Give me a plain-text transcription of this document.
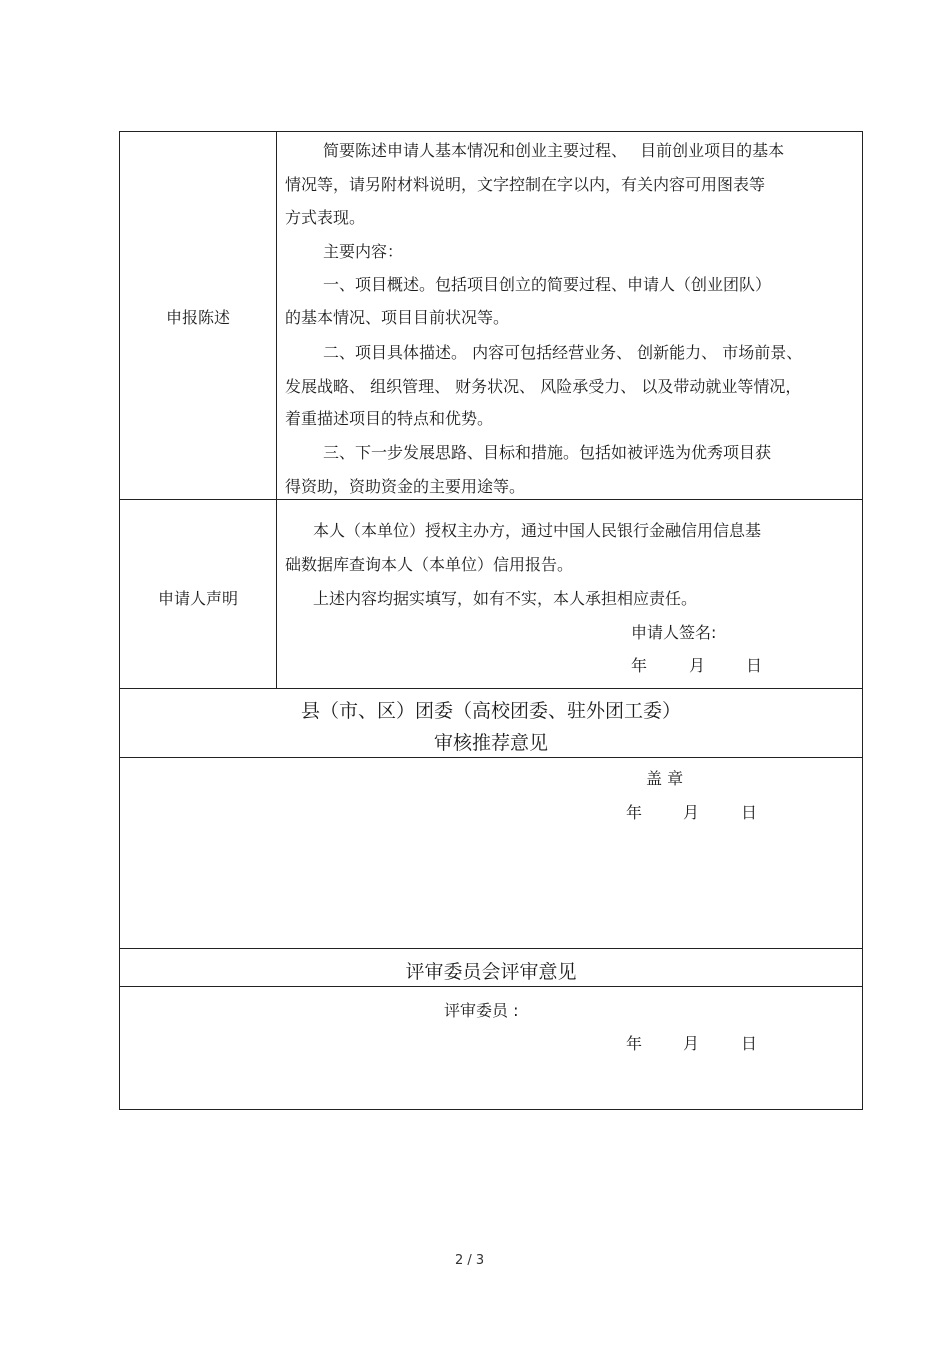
申报陈述
简要陈述申请人基本情况和创业主要过程、　 目前创业项目的基本
情况等，请另附材料说明，文字控制在字以内，有关内容可用图表等
方式表现。
主要内容：
一、项目概述。包括项目创立的简要过程、申请人（创业团队）
的基本情况、项目目前状况等。
二、项目具体描述。 内容可包括经营业务、 创新能力、 市场前景、
发展战略、 组织管理、 财务状况、 风险承受力、 以及带动就业等情况，
着重描述项目的特点和优势。
三、下一步发展思路、目标和措施。包括如被评选为优秀项目获
得资助，资助资金的主要用途等。
申请人声明
本人（本单位）授权主办方，通过中国人民银行金融信用信息基
础数据库查询本人（本单位）信用报告。
上述内容均据实填写，如有不实，本人承担相应责任。
申请人签名:
年	月	日
县（市、区）团委（高校团委、驻外团工委）
审核推荐意见
盖 章
年	月	日
评审委员会评审意见
评审委员 :
年	月	日
2 / 3
